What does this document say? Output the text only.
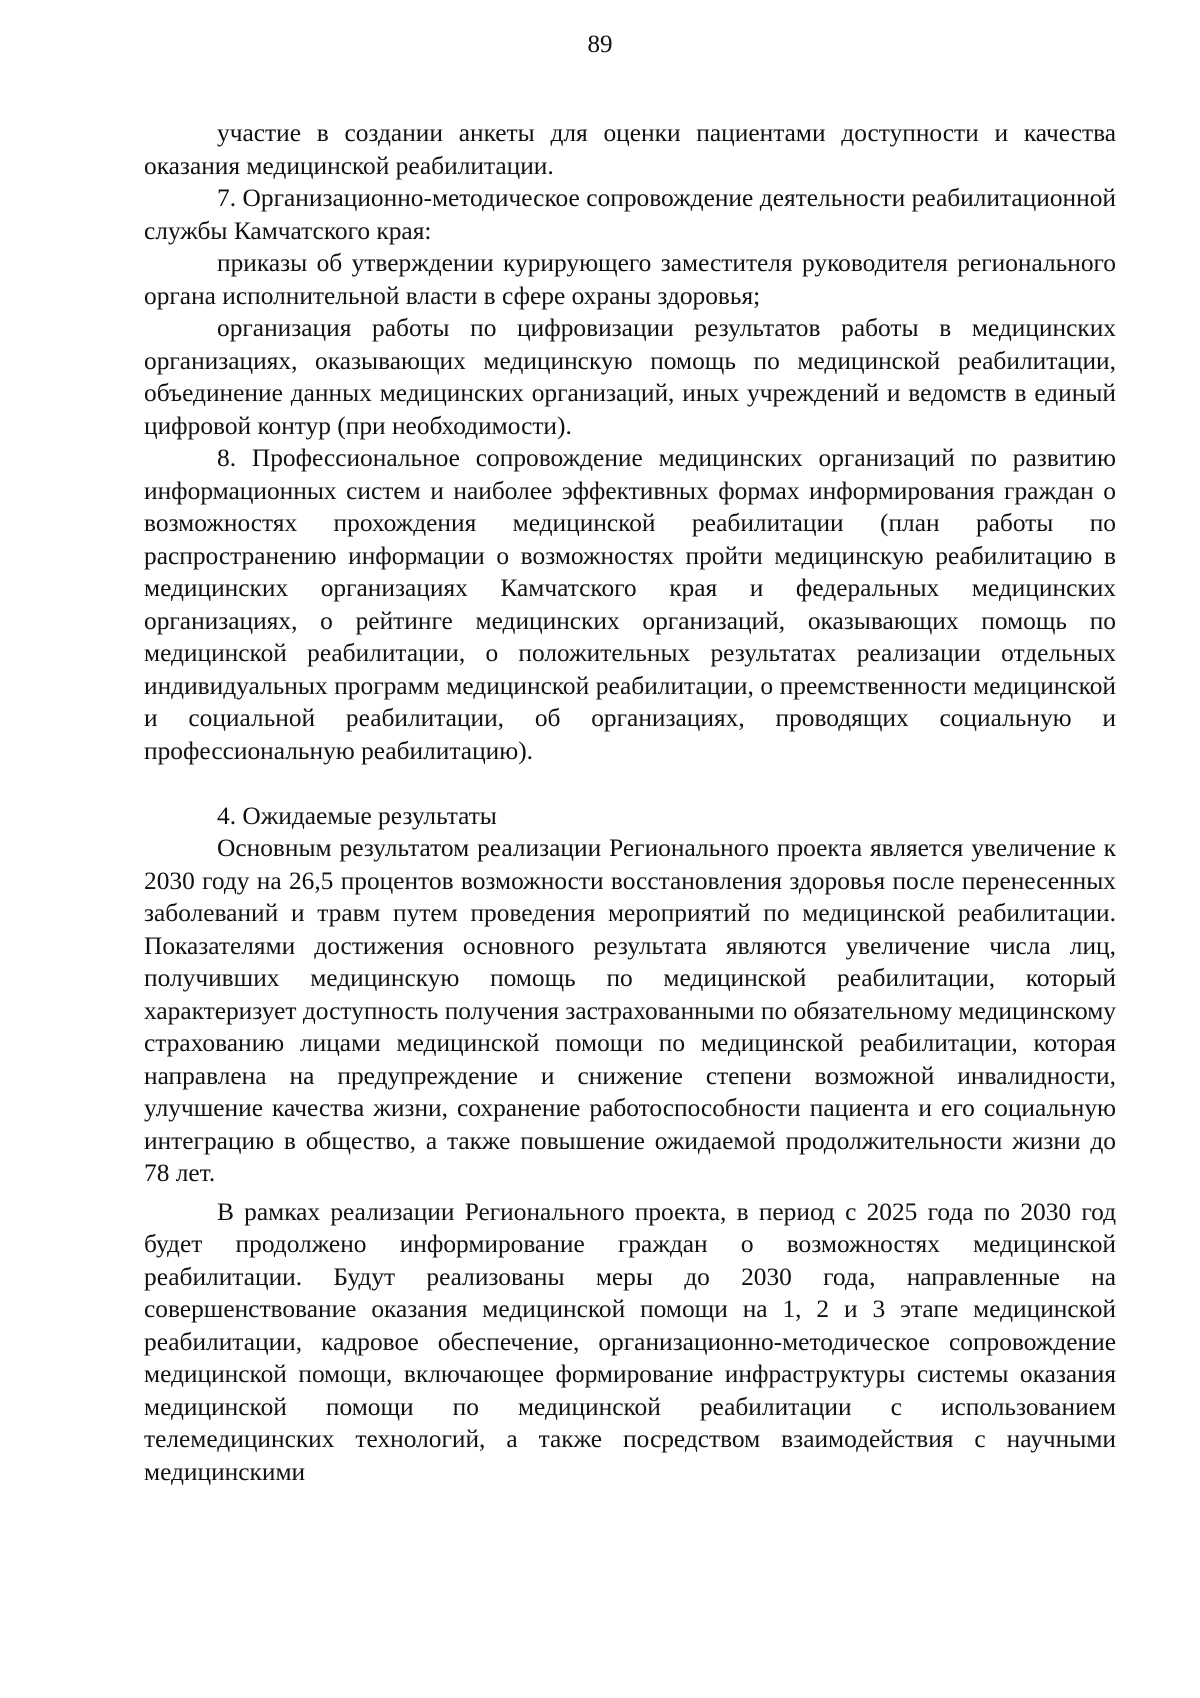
89

участие в создании анкеты для оценки пациентами доступности и качества оказания медицинской реабилитации.

7. Организационно-методическое сопровождение деятельности реабилитационной службы Камчатского края:

приказы об утверждении курирующего заместителя руководителя регионального органа исполнительной власти в сфере охраны здоровья;

организация работы по цифровизации результатов работы в медицинских организациях, оказывающих медицинскую помощь по медицинской реабилитации, объединение данных медицинских организаций, иных учреждений и ведомств в единый цифровой контур (при необходимости).

8. Профессиональное сопровождение медицинских организаций по развитию информационных систем и наиболее эффективных формах информирования граждан о возможностях прохождения медицинской реабилитации (план работы по распространению информации о возможностях пройти медицинскую реабилитацию в медицинских организациях Камчатского края и федеральных медицинских организациях, о рейтинге медицинских организаций, оказывающих помощь по медицинской реабилитации, о положительных результатах реализации отдельных индивидуальных программ медицинской реабилитации, о преемственности медицинской и социальной реабилитации, об организациях, проводящих социальную и профессиональную реабилитацию).

4. Ожидаемые результаты

Основным результатом реализации Регионального проекта является увеличение к 2030 году на 26,5 процентов возможности восстановления здоровья после перенесенных заболеваний и травм путем проведения мероприятий по медицинской реабилитации. Показателями достижения основного результата являются увеличение числа лиц, получивших медицинскую помощь по медицинской реабилитации, который характеризует доступность получения застрахованными по обязательному медицинскому страхованию лицами медицинской помощи по медицинской реабилитации, которая направлена на предупреждение и снижение степени возможной инвалидности, улучшение качества жизни, сохранение работоспособности пациента и его социальную интеграцию в общество, а также повышение ожидаемой продолжительности жизни до 78 лет.

В рамках реализации Регионального проекта, в период с 2025 года по 2030 год будет продолжено информирование граждан о возможностях медицинской реабилитации. Будут реализованы меры до 2030 года, направленные на совершенствование оказания медицинской помощи на 1, 2 и 3 этапе медицинской реабилитации, кадровое обеспечение, организационно-методическое сопровождение медицинской помощи, включающее формирование инфраструктуры системы оказания медицинской помощи по медицинской реабилитации с использованием телемедицинских технологий, а также посредством взаимодействия с научными медицинскими
